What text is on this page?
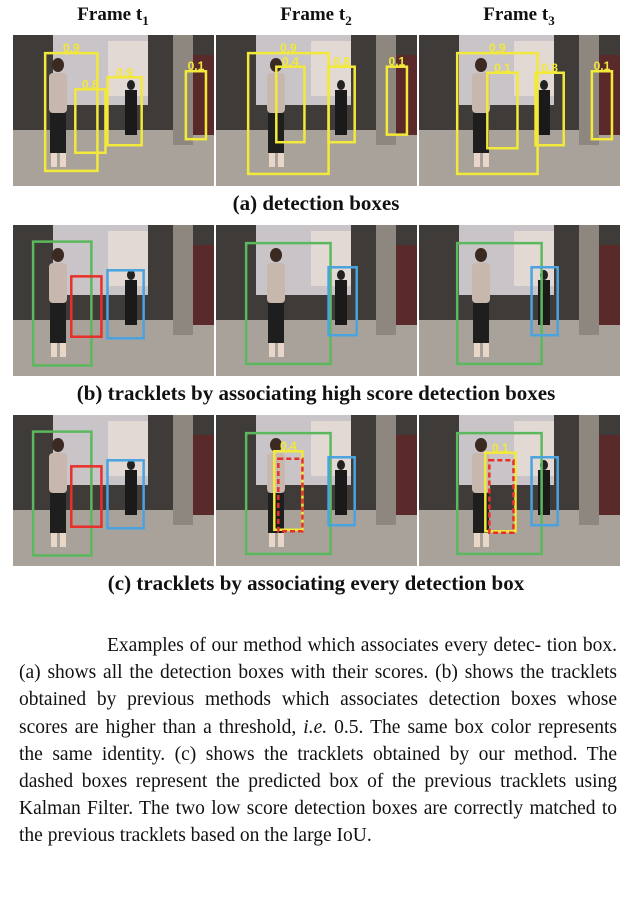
Frame $t_1$	Frame $t_2$	Frame $t_3$
0.9
0.8
0.9	0.1
0.9
0.4	0.8	0.1
0.9
0.1	0.8	0.1
0.4	0.1
(a) detection boxes
(b) tracklets by associating high score detection boxes
(c) tracklets by associating every detection box
Examples of our method which associates every detec- tion box. (a) shows all the detection boxes with their scores. (b) shows the tracklets obtained by previous methods which associates detection boxes whose scores are higher than a threshold, i.e. 0.5. The same box color represents the same identity. (c) shows the tracklets obtained by our method. The dashed boxes represent the predicted box of the previous tracklets using Kalman Filter. The two low score detection boxes are correctly matched to the previous tracklets based on the large IoU.
